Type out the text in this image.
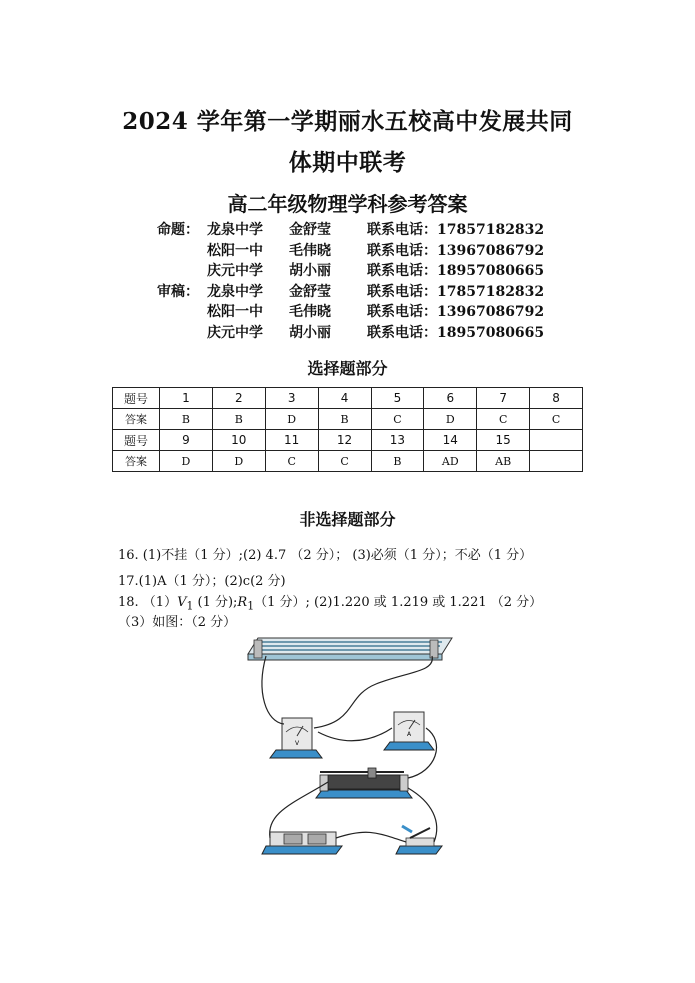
2024 学年第一学期丽水五校高中发展共同
体期中联考
高二年级物理学科参考答案
命题： 龙泉中学 金舒莹	联系电话：17857182832
松阳一中 毛伟晓	联系电话：13967086792
庆元中学 胡小丽	联系电话：18957080665
审稿： 龙泉中学 金舒莹	联系电话：17857182832
松阳一中 毛伟晓	联系电话：13967086792
庆元中学 胡小丽	联系电话：18957080665
选择题部分
题号	1	2	3	4	5	6	7	8
答案	B	B	D	B	C	D	C	C
题号	9	10	11	12	13	14	15	
答案	D	D	C	C	B	AD	AB	
非选择题部分
16. (1)不挂（1 分）;(2) 4.7 （2 分）； (3)必须（1 分）；不必（1 分）
17.(1)A（1 分）；(2)c(2 分)
18. $(1)V_1$ (1 分)$;R_1(1$ 分）; (2)1.220 或 1.219 或 1.221 （2 分）
（3）如图：（2 分）
V
A
